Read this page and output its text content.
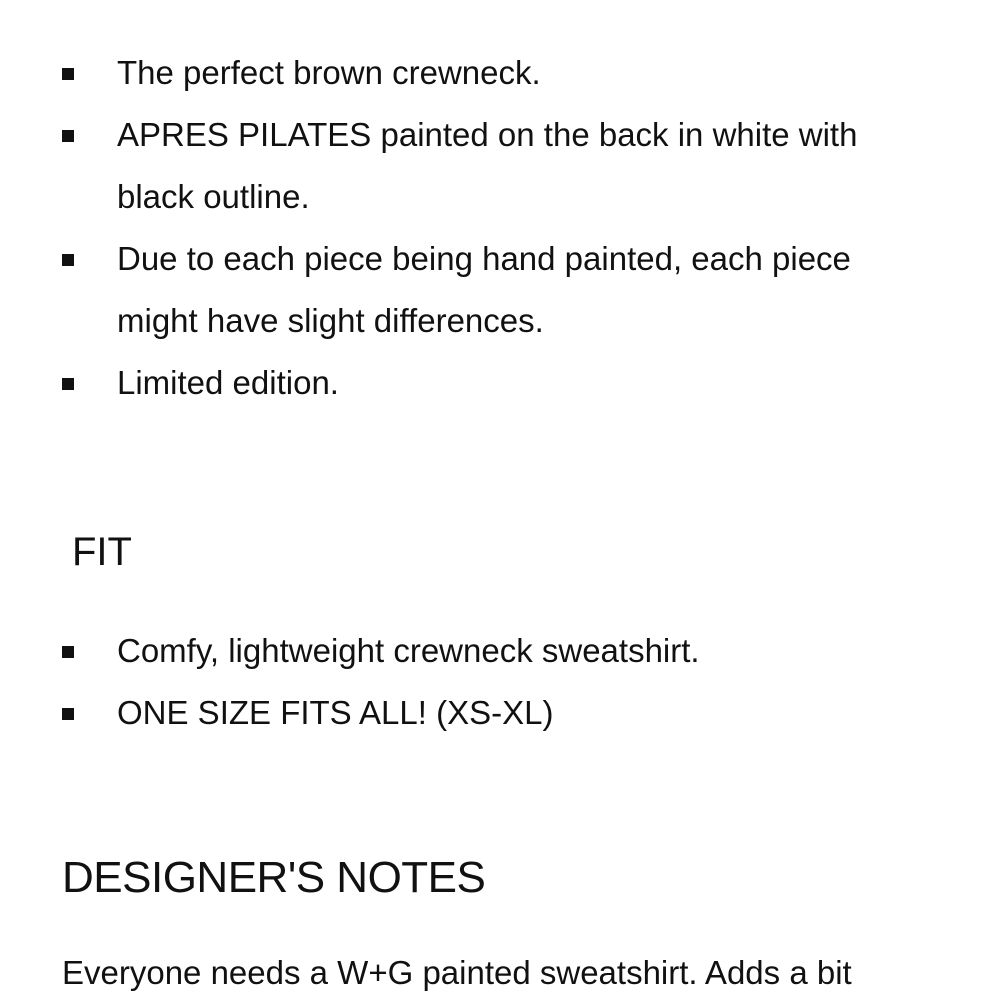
The perfect brown crewneck.
APRES PILATES painted on the back in white with black outline.
Due to each piece being hand painted, each piece might have slight differences.
Limited edition.
FIT
Comfy, lightweight crewneck sweatshirt.
ONE SIZE FITS ALL! (XS-XL)
DESIGNER'S NOTES

Everyone needs a W+G painted sweatshirt. Adds a bit
